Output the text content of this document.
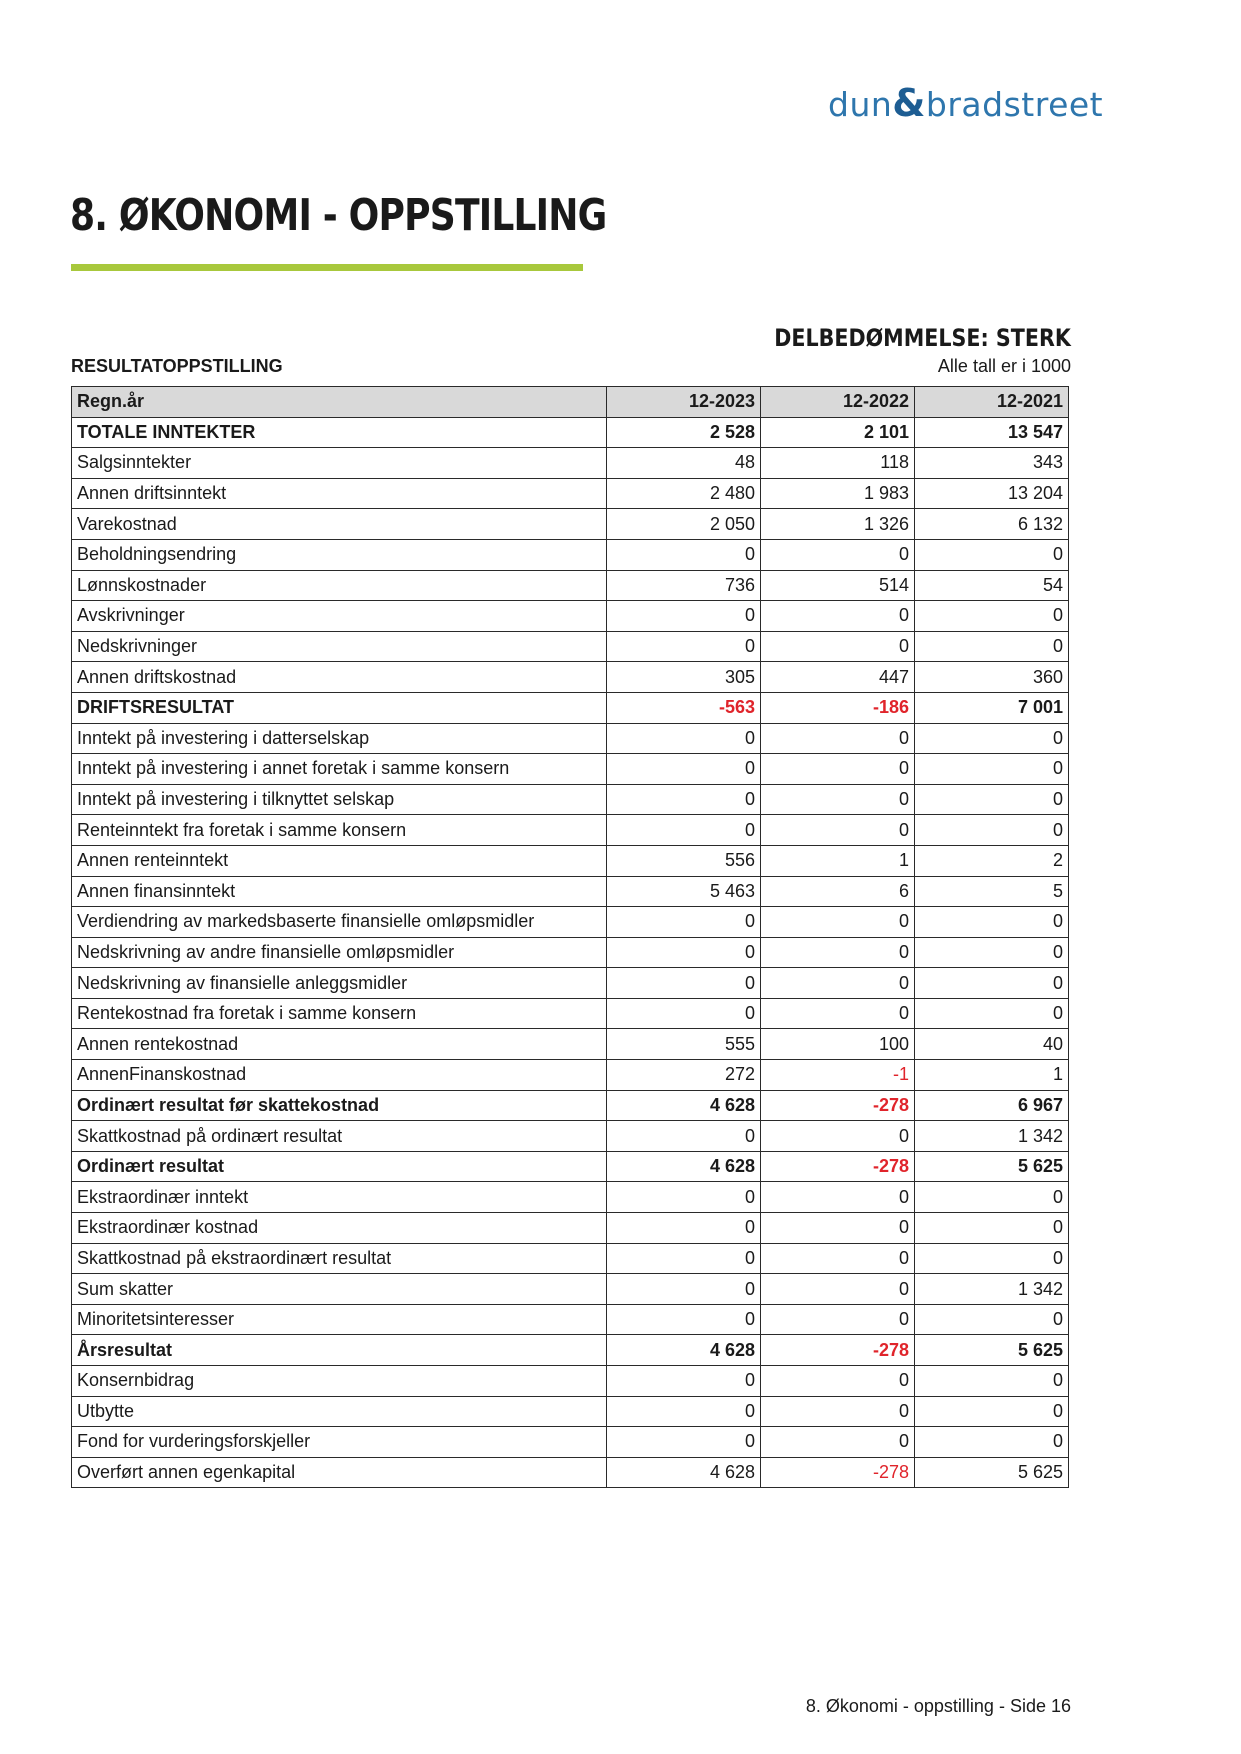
dun&bradstreet
8. ØKONOMI - OPPSTILLING
DELBEDØMMELSE: STERK
RESULTATOPPSTILLING	Alle tall er i 1000
Regn.år	12-2023	12-2022	12-2021
TOTALE INNTEKTER	2 528	2 101	13 547
Salgsinntekter	48	118	343
Annen driftsinntekt	2 480	1 983	13 204
Varekostnad	2 050	1 326	6 132
Beholdningsendring	0	0	0
Lønnskostnader	736	514	54
Avskrivninger	0	0	0
Nedskrivninger	0	0	0
Annen driftskostnad	305	447	360
DRIFTSRESULTAT	-563	-186	7 001
Inntekt på investering i datterselskap	0	0	0
Inntekt på investering i annet foretak i samme konsern	0	0	0
Inntekt på investering i tilknyttet selskap	0	0	0
Renteinntekt fra foretak i samme konsern	0	0	0
Annen renteinntekt	556	1	2
Annen finansinntekt	5 463	6	5
Verdiendring av markedsbaserte finansielle omløpsmidler	0	0	0
Nedskrivning av andre finansielle omløpsmidler	0	0	0
Nedskrivning av finansielle anleggsmidler	0	0	0
Rentekostnad fra foretak i samme konsern	0	0	0
Annen rentekostnad	555	100	40
AnnenFinanskostnad	272	-1	1
Ordinært resultat før skattekostnad	4 628	-278	6 967
Skattkostnad på ordinært resultat	0	0	1 342
Ordinært resultat	4 628	-278	5 625
Ekstraordinær inntekt	0	0	0
Ekstraordinær kostnad	0	0	0
Skattkostnad på ekstraordinært resultat	0	0	0
Sum skatter	0	0	1 342
Minoritetsinteresser	0	0	0
Årsresultat	4 628	-278	5 625
Konsernbidrag	0	0	0
Utbytte	0	0	0
Fond for vurderingsforskjeller	0	0	0
Overført annen egenkapital	4 628	-278	5 625
8. Økonomi - oppstilling - Side 16
